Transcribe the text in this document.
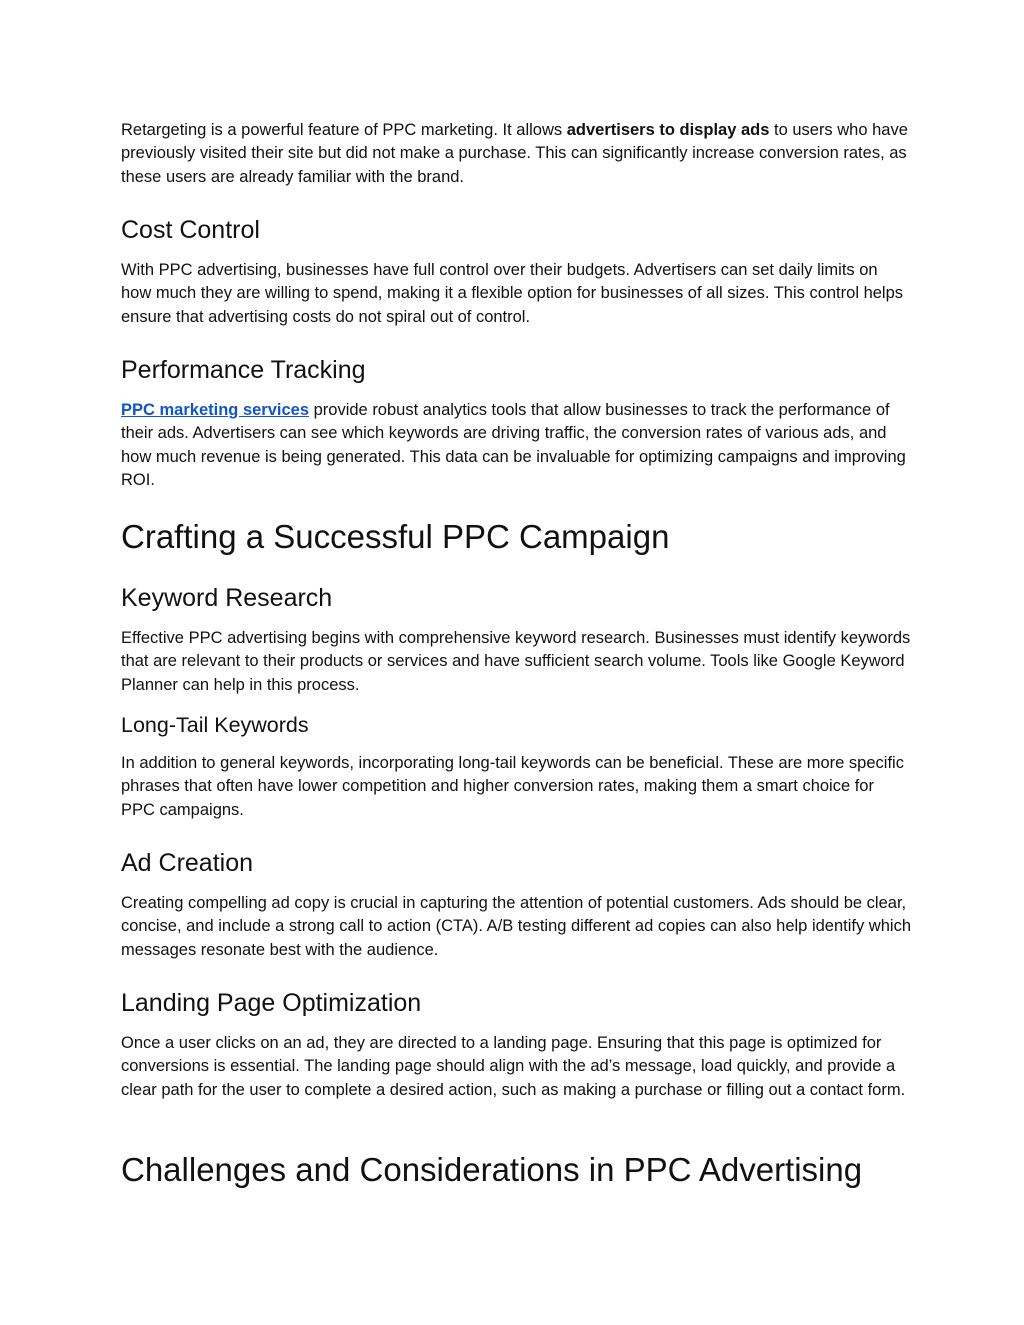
Retargeting is a powerful feature of PPC marketing. It allows advertisers to display ads to users who have previously visited their site but did not make a purchase. This can significantly increase conversion rates, as these users are already familiar with the brand.

Cost Control

With PPC advertising, businesses have full control over their budgets. Advertisers can set daily limits on how much they are willing to spend, making it a flexible option for businesses of all sizes. This control helps ensure that advertising costs do not spiral out of control.

Performance Tracking

PPC marketing services provide robust analytics tools that allow businesses to track the performance of their ads. Advertisers can see which keywords are driving traffic, the conversion rates of various ads, and how much revenue is being generated. This data can be invaluable for optimizing campaigns and improving ROI.

Crafting a Successful PPC Campaign
Keyword Research

Effective PPC advertising begins with comprehensive keyword research. Businesses must identify keywords that are relevant to their products or services and have sufficient search volume. Tools like Google Keyword Planner can help in this process.

Long-Tail Keywords

In addition to general keywords, incorporating long-tail keywords can be beneficial. These are more specific phrases that often have lower competition and higher conversion rates, making them a smart choice for PPC campaigns.

Ad Creation

Creating compelling ad copy is crucial in capturing the attention of potential customers. Ads should be clear, concise, and include a strong call to action (CTA). A/B testing different ad copies can also help identify which messages resonate best with the audience.

Landing Page Optimization

Once a user clicks on an ad, they are directed to a landing page. Ensuring that this page is optimized for conversions is essential. The landing page should align with the ad’s message, load quickly, and provide a clear path for the user to complete a desired action, such as making a purchase or filling out a contact form.

Challenges and Considerations in PPC Advertising
